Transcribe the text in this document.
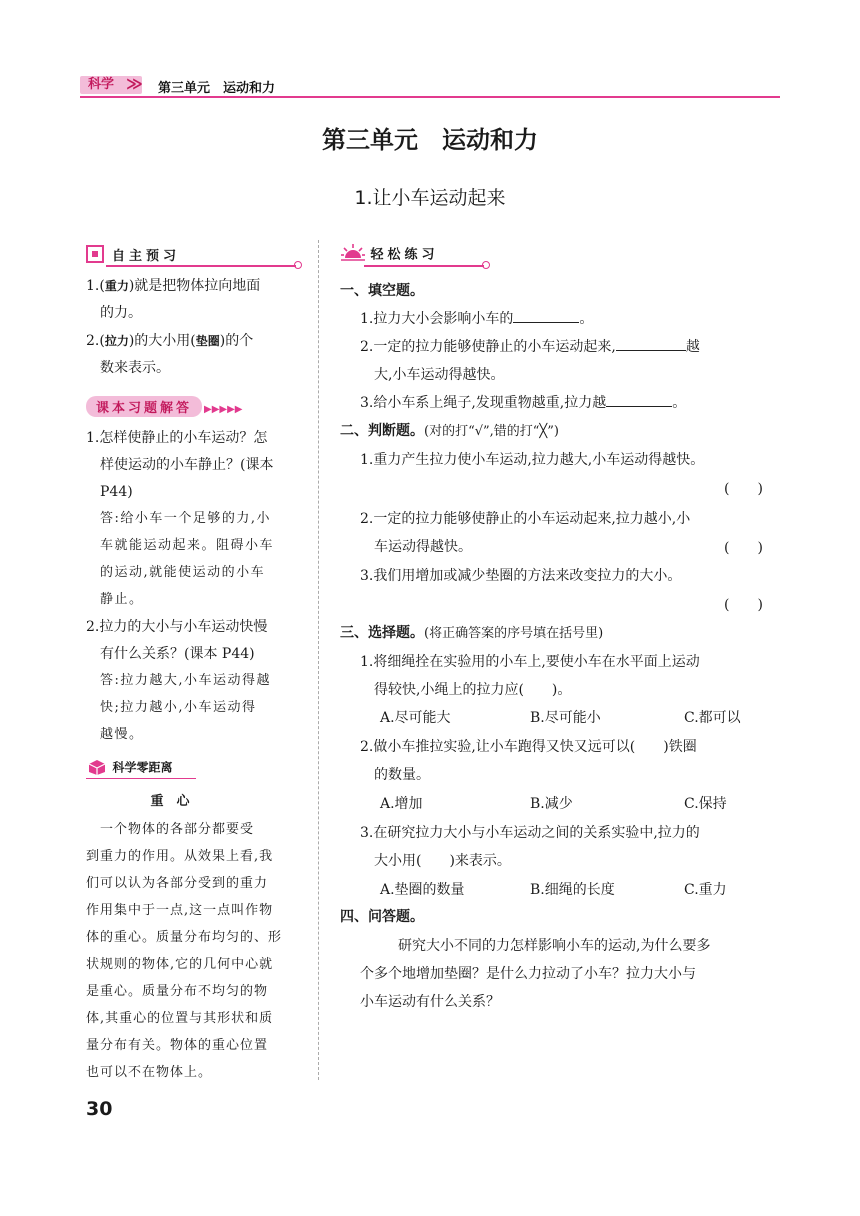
科学 ≫ 第三单元　 运动和力
第三单元　 运动和力
1.让小车运动起来
自主预习
1.(重力)就是把物体拉向地面
的力。
2.(拉力)的大小用(垫圈)的个
数来表示。
课本习题解答 ▶▶▶▶▶
1.怎样使静止的小车运动？怎
样使运动的小车静止？(课本
P44)
答:给小车一个足够的力,小
车就能运动起来。阻碍小车
的运动,就能使运动的小车
静止。
2.拉力的大小与小车运动快慢
有什么关系？(课本 P44)
答:拉力越大,小车运动得越
快;拉力越小,小车运动得
越慢。
科学零距离
重　心
　一个物体的各部分都要受
到重力的作用。从效果上看,我
们可以认为各部分受到的重力
作用集中于一点,这一点叫作物
体的重心。质量分布均匀的、形
状规则的物体,它的几何中心就
是重心。质量分布不均匀的物
体,其重心的位置与其形状和质
量分布有关。物体的重心位置
也可以不在物体上。
轻松练习
一、填空题。
1.拉力大小会影响小车的	。
2.一定的拉力能够使静止的小车运动起来,	越
大,小车运动得越快。
3.给小车系上绳子,发现重物越重,拉力越	。
二、判断题。(对的打“√”,错的打“╳”)
1.重力产生拉力使小车运动,拉力越大,小车运动得越快。
(　　)
2.一定的拉力能够使静止的小车运动起来,拉力越小,小
车运动得越快。	(　　)
3.我们用增加或减少垫圈的方法来改变拉力的大小。
(　　)
三、选择题。(将正确答案的序号填在括号里)
1.将细绳拴在实验用的小车上,要使小车在水平面上运动
得较快,小绳上的拉力应(　　)。
A.尽可能大	B.尽可能小	C.都可以
2.做小车推拉实验,让小车跑得又快又远可以(　　)铁圈
的数量。
A.增加	B.减少	C.保持
3.在研究拉力大小与小车运动之间的关系实验中,拉力的
大小用(　　)来表示。
A.垫圈的数量	B.细绳的长度	C.重力
四、问答题。
研究大小不同的力怎样影响小车的运动,为什么要多
个多个地增加垫圈？是什么力拉动了小车？拉力大小与
小车运动有什么关系？
30
